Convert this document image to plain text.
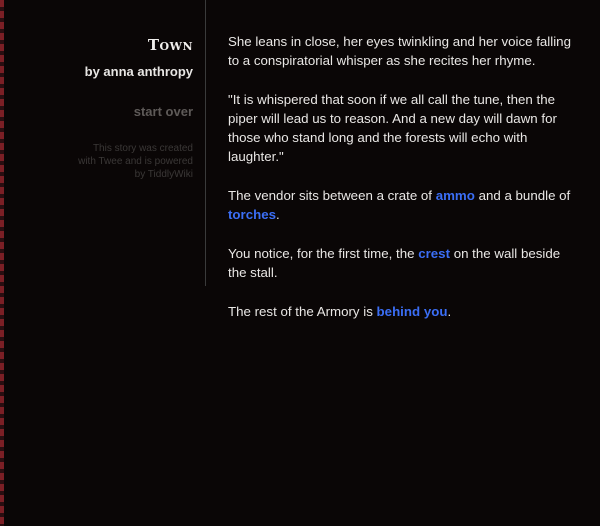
Town
by anna anthropy
start over
This story was created
with Twee and is powered
by TiddlyWiki

She leans in close, her eyes twinkling and her voice falling to a conspiratorial whisper as she recites her rhyme.

"It is whispered that soon if we all call the tune, then the piper will lead us to reason. And a new day will dawn for those who stand long and the forests will echo with laughter."

The vendor sits between a crate of ammo and a bundle of torches.

You notice, for the first time, the crest on the wall beside the stall.

The rest of the Armory is behind you.
